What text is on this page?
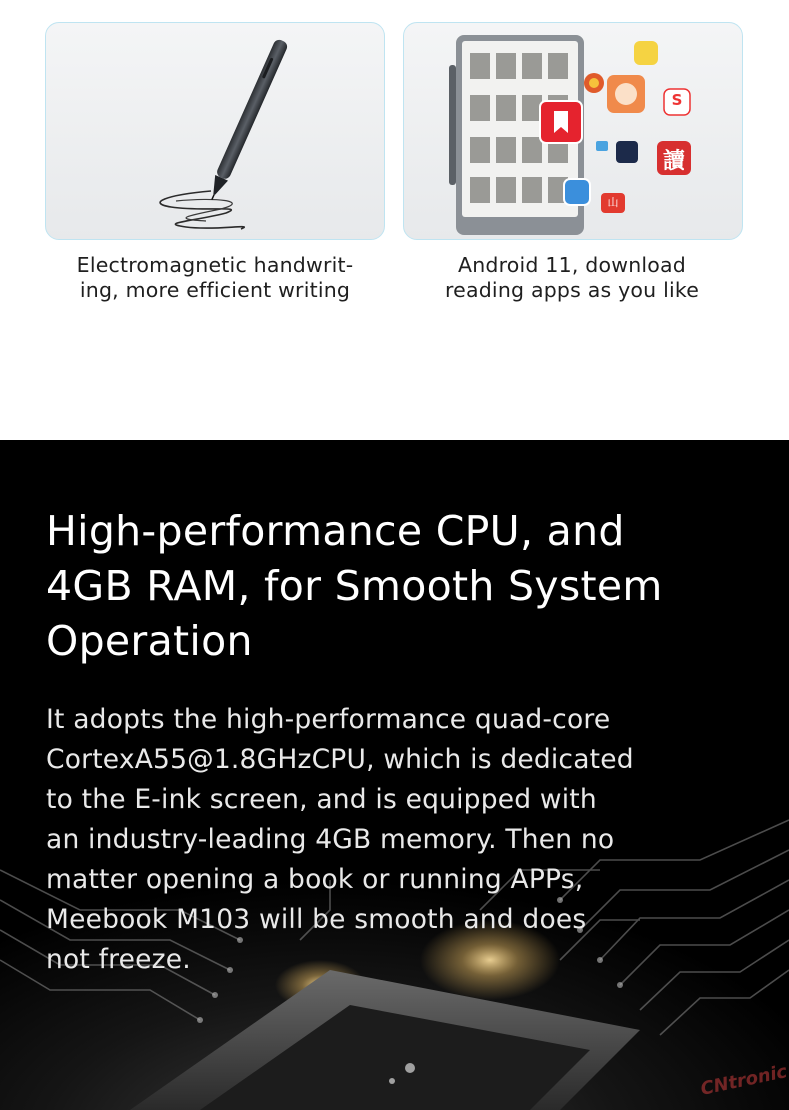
S
讀
山
Electromagnetic handwrit-
ing, more efficient writing
Android 11, download
reading apps as you like
CNtronic
High-performance CPU, and
4GB RAM, for Smooth System
Operation
It adopts the high-performance quad-core
CortexA55@1.8GHzCPU, which is dedicated
to the E-ink screen, and is equipped with
an industry-leading 4GB memory. Then no
matter opening a book or running APPs,
Meebook M103 will be smooth and does
not freeze.
